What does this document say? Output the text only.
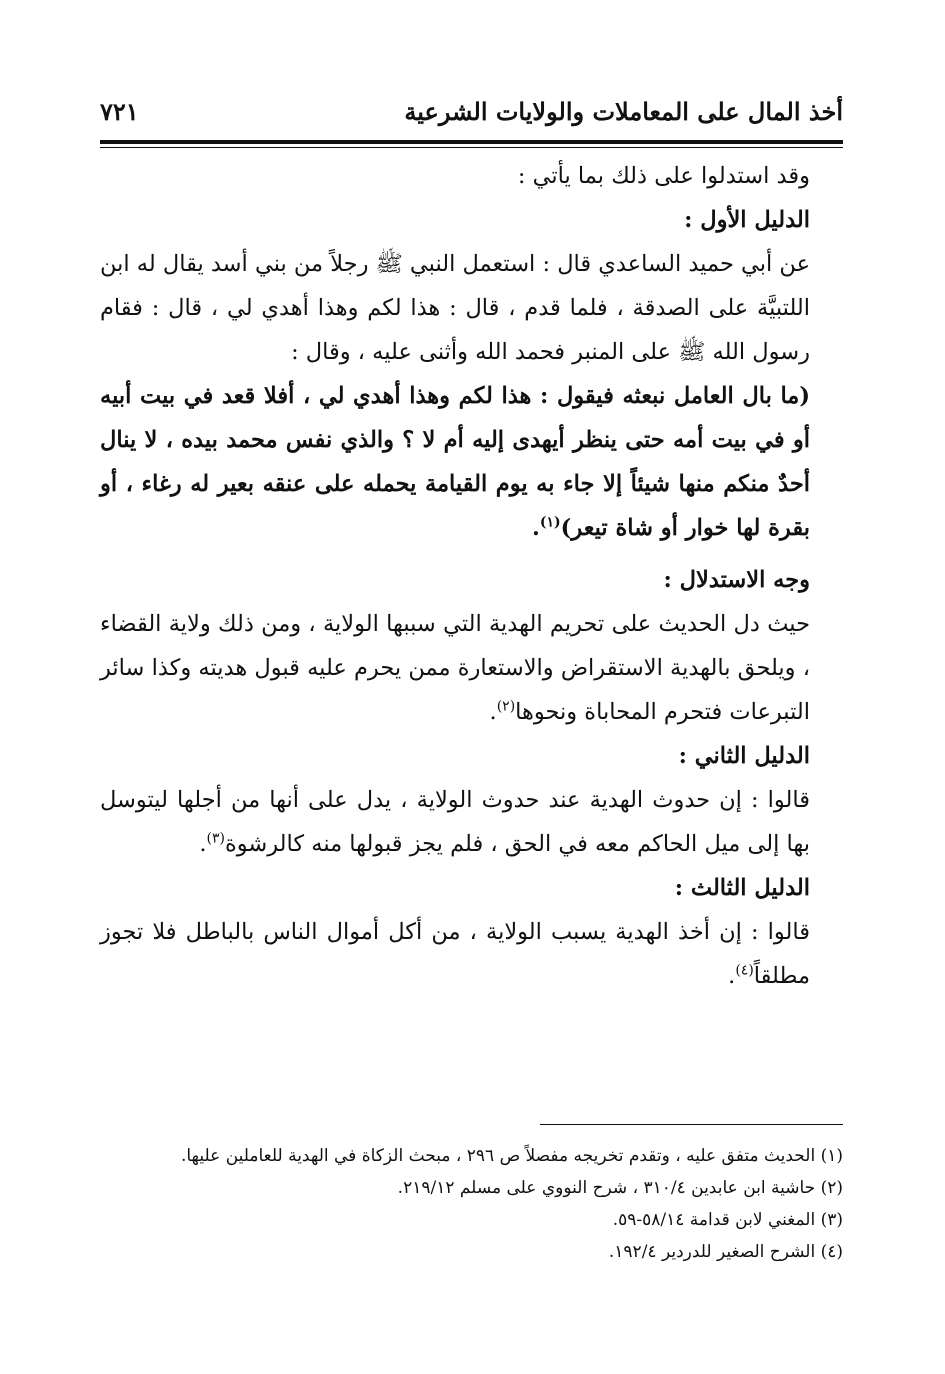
أخذ المال على المعاملات والولايات الشرعية
٧٢١

وقد استدلوا على ذلك بما يأتي :

الدليل الأول :

عن أبي حميد الساعدي قال : استعمل النبي ﷺ رجلاً من بني أسد يقال له ابن اللتبيَّة على الصدقة ، فلما قدم ، قال : هذا لكم وهذا أهدي لي ، قال : فقام رسول الله ﷺ على المنبر فحمد الله وأثنى عليه ، وقال :

(ما بال العامل نبعثه فيقول : هذا لكم وهذا أهدي لي ، أفلا قعد في بيت أبيه أو في بيت أمه حتى ينظر أيهدى إليه أم لا ؟ والذي نفس محمد بيده ، لا ينال أحدٌ منكم منها شيئاً إلا جاء به يوم القيامة يحمله على عنقه بعير له رغاء ، أو بقرة لها خوار أو شاة تيعر)$^{(١)}$.

وجه الاستدلال :

حيث دل الحديث على تحريم الهدية التي سببها الولاية ، ومن ذلك ولاية القضاء ، ويلحق بالهدية الاستقراض والاستعارة ممن يحرم عليه قبول هديته وكذا سائر التبرعات فتحرم المحاباة ونحوها$^{(٢)}$.

الدليل الثاني :

قالوا : إن حدوث الهدية عند حدوث الولاية ، يدل على أنها من أجلها ليتوسل بها إلى ميل الحاكم معه في الحق ، فلم يجز قبولها منه كالرشوة$^{(٣)}$.

الدليل الثالث :

قالوا : إن أخذ الهدية يسبب الولاية ، من أكل أموال الناس بالباطل فلا تجوز مطلقاً$^{(٤)}$.

(١) الحديث متفق عليه ، وتقدم تخريجه مفصلاً ص ٢٩٦ ، مبحث الزكاة في الهدية للعاملين عليها.

(٢) حاشية ابن عابدين ٣١٠/٤ ، شرح النووي على مسلم ٢١٩/١٢.

(٣) المغني لابن قدامة ٥٨/١٤-٥٩.

(٤) الشرح الصغير للدردير ١٩٢/٤.
